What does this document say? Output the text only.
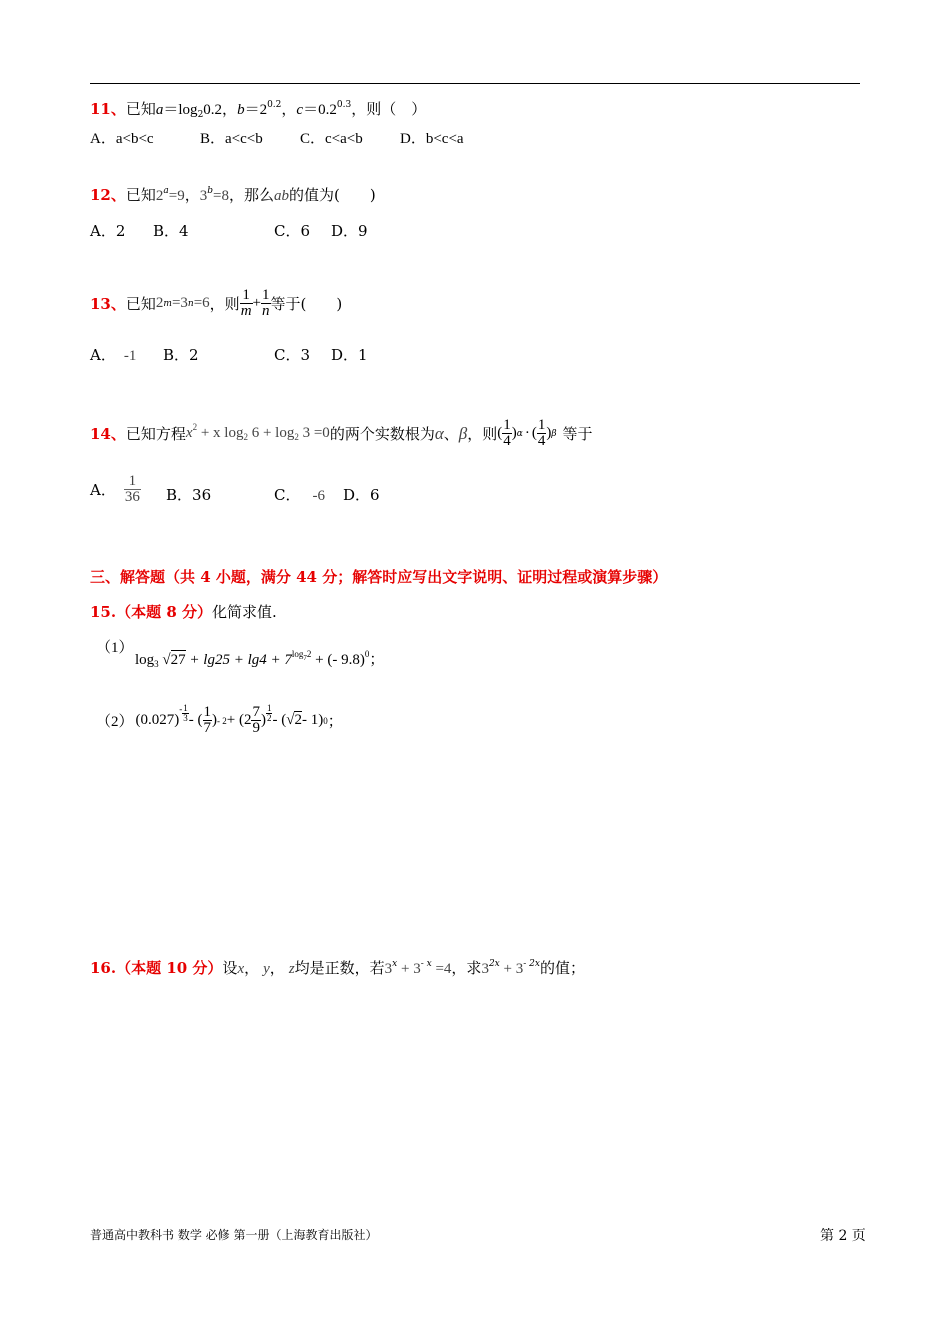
11、已知$a=\log_20.2$，$b=2^{0.2}$，$c=0.2^{0.3}$，则（　）
A．a<b<c	B．a<c<b C．c<a<b D．b<c<a
12、已知$2^a=9$，$3^b=8$，那么ab的值为(　　)
A．2 B．4	C．6 D．9
13、 已知 2 m =3 n =6 ，则 $\frac{1}{m} + \frac{1}{n}$ 等于(　　)
A． -1 B．2	C．3 D．1
14、 已知方程 $x^2 + x$ $\log_2 6 + \log_2 3 =0$ 的两个实数根为 α 、 β ，则 ( $\frac{1}{4}$ ) α · ( $\frac{1}{4}$ ) β 等于
A． $\frac{1}{36}$ B．36	C． -6 D．6
三、解答题（共 4 小题，满分 44 分；解答时应写出文字说明、证明过程或演算步骤）
15.（本题 8 分）化简求值.
（1）
$\log_3 √27 + \lg 25 + \lg 4 + 7^{log_72}$ + (- 9.8)$^0$；
（2） (0.027)
- $\frac{1}{3}$ - ( $\frac{1}{7}$ ) - $2 + (2 \frac{7}{9}$ ) $\frac{1}{2}$ - ( √2 - 1) 0 ；
16.（本题 10 分）设x， y， z均是正数，若$3^x + 3^{- x} =4$，求$3^{2x} + 3^{- 2x}$的值；
普通高中教科书 数学 必修 第一册（上海教育出版社）	第 2 页
